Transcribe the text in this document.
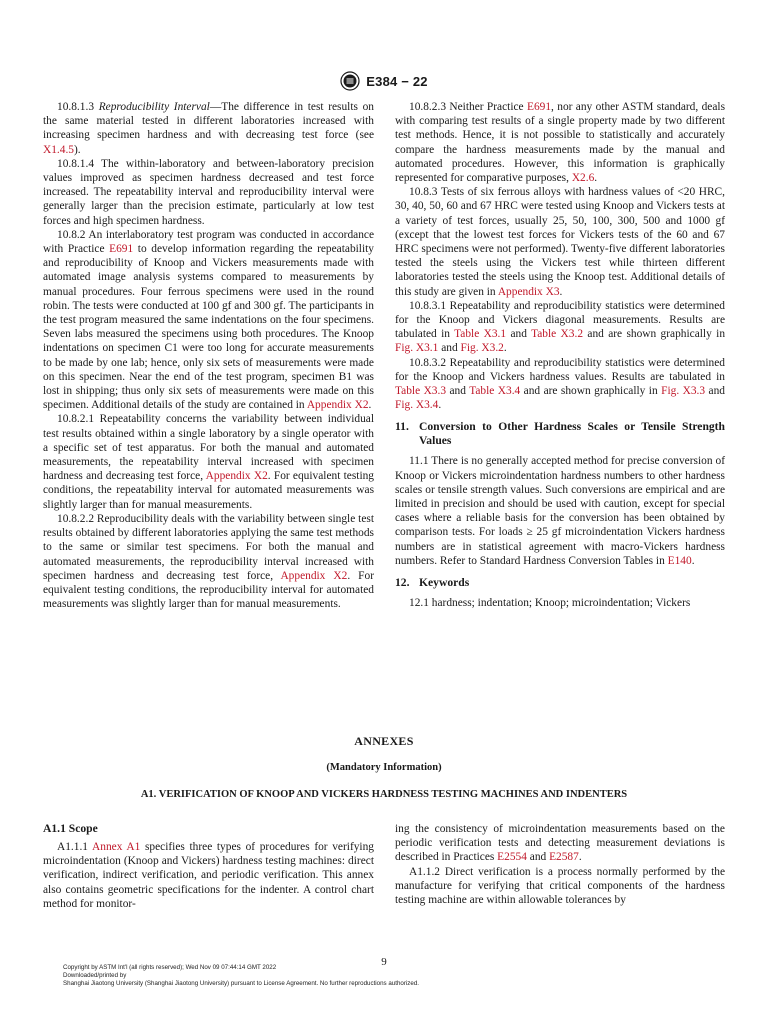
E384 − 22

10.8.1.3 Reproducibility Interval—The difference in test results on the same material tested in different laboratories increased with increasing specimen hardness and with decreasing test force (see X1.4.5).

10.8.1.4 The within-laboratory and between-laboratory precision values improved as specimen hardness decreased and test force increased. The repeatability interval and reproducibility interval were generally larger than the precision estimate, particularly at low test forces and high specimen hardness.

10.8.2 An interlaboratory test program was conducted in accordance with Practice E691 to develop information regarding the repeatability and reproducibility of Knoop and Vickers measurements made with automated image analysis systems compared to measurements by manual procedures. Four ferrous specimens were used in the round robin. The tests were conducted at 100 gf and 300 gf. The participants in the test program measured the same indentations on the four specimens. Seven labs measured the specimens using both procedures. The Knoop indentations on specimen C1 were too long for accurate measurements to be made by one lab; hence, only six sets of measurements were made on this specimen. Near the end of the test program, specimen B1 was lost in shipping; thus only six sets of measurements were made on this specimen. Additional details of the study are contained in Appendix X2.

10.8.2.1 Repeatability concerns the variability between individual test results obtained within a single laboratory by a single operator with a specific set of test apparatus. For both the manual and automated measurements, the repeatability interval increased with specimen hardness and decreasing test force, Appendix X2. For equivalent testing conditions, the repeatability interval for automated measurements was slightly larger than for manual measurements.

10.8.2.2 Reproducibility deals with the variability between single test results obtained by different laboratories applying the same test methods to the same or similar test specimens. For both the manual and automated measurements, the reproducibility interval increased with specimen hardness and decreasing test force, Appendix X2. For equivalent testing conditions, the reproducibility interval for automated measurements was slightly larger than for manual measurements.

10.8.2.3 Neither Practice E691, nor any other ASTM standard, deals with comparing test results of a single property made by two different test methods. Hence, it is not possible to statistically and accurately compare the hardness measurements made by the manual and automated procedures. However, this information is graphically represented for comparative purposes, X2.6.

10.8.3 Tests of six ferrous alloys with hardness values of <20 HRC, 30, 40, 50, 60 and 67 HRC were tested using Knoop and Vickers tests at a variety of test forces, usually 25, 50, 100, 300, 500 and 1000 gf (except that the lowest test forces for Vickers tests of the 60 and 67 HRC specimens were not performed). Twenty-five different laboratories tested the steels using the Vickers test while thirteen different laboratories tested the steels using the Knoop test. Additional details of this study are given in Appendix X3.

10.8.3.1 Repeatability and reproducibility statistics were determined for the Knoop and Vickers diagonal measurements. Results are tabulated in Table X3.1 and Table X3.2 and are shown graphically in Fig. X3.1 and Fig. X3.2.

10.8.3.2 Repeatability and reproducibility statistics were determined for the Knoop and Vickers hardness values. Results are tabulated in Table X3.3 and Table X3.4 and are shown graphically in Fig. X3.3 and Fig. X3.4.

11. Conversion to Other Hardness Scales or Tensile Strength Values

11.1 There is no generally accepted method for precise conversion of Knoop or Vickers microindentation hardness numbers to other hardness scales or tensile strength values. Such conversions are empirical and are limited in precision and should be used with caution, except for special cases where a reliable basis for the conversion has been obtained by comparison tests. For loads ≥ 25 gf microindentation Vickers hardness numbers are in statistical agreement with macro-Vickers hardness numbers. Refer to Standard Hardness Conversion Tables in E140.

12. Keywords

12.1 hardness; indentation; Knoop; microindentation; Vickers

ANNEXES
(Mandatory Information)
A1. VERIFICATION OF KNOOP AND VICKERS HARDNESS TESTING MACHINES AND INDENTERS
A1.1 Scope

A1.1.1 Annex A1 specifies three types of procedures for verifying microindentation (Knoop and Vickers) hardness testing machines: direct verification, indirect verification, and periodic verification. This annex also contains geometric specifications for the indenter. A control chart method for monitor-

ing the consistency of microindentation measurements based on the periodic verification tests and detecting measurement deviations is described in Practices E2554 and E2587.

A1.1.2 Direct verification is a process normally performed by the manufacture for verifying that critical components of the hardness testing machine are within allowable tolerances by

9
Copyright by ASTM Int'l (all rights reserved); Wed Nov 09 07:44:14 GMT 2022
Downloaded/printed by
Shanghai Jiaotong University (Shanghai Jiaotong University) pursuant to License Agreement. No further reproductions authorized.
